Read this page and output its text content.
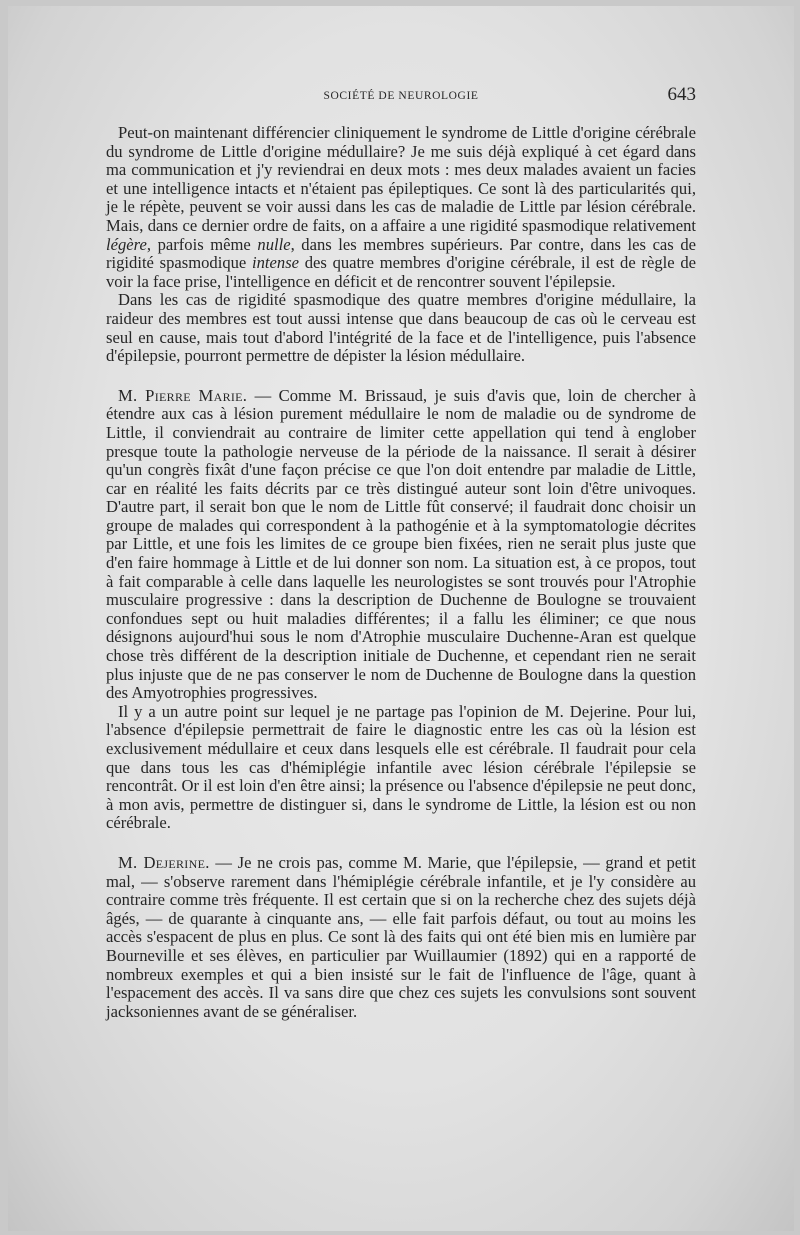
SOCIÉTÉ DE NEUROLOGIE	643

Peut-on maintenant différencier cliniquement le syndrome de Little d'origine cérébrale du syndrome de Little d'origine médullaire? Je me suis déjà expliqué à cet égard dans ma communication et j'y reviendrai en deux mots : mes deux malades avaient un facies et une intelligence intacts et n'étaient pas épileptiques. Ce sont là des particularités qui, je le répète, peuvent se voir aussi dans les cas de maladie de Little par lésion cérébrale. Mais, dans ce dernier ordre de faits, on a affaire a une rigidité spasmodique relativement légère, parfois même nulle, dans les membres supérieurs. Par contre, dans les cas de rigidité spasmodique intense des quatre membres d'origine cérébrale, il est de règle de voir la face prise, l'intelligence en déficit et de rencontrer souvent l'épilepsie.

Dans les cas de rigidité spasmodique des quatre membres d'origine médullaire, la raideur des membres est tout aussi intense que dans beaucoup de cas où le cerveau est seul en cause, mais tout d'abord l'intégrité de la face et de l'intelligence, puis l'absence d'épilepsie, pourront permettre de dépister la lésion médullaire.

M. Pierre Marie. — Comme M. Brissaud, je suis d'avis que, loin de chercher à étendre aux cas à lésion purement médullaire le nom de maladie ou de syndrome de Little, il conviendrait au contraire de limiter cette appellation qui tend à englober presque toute la pathologie nerveuse de la période de la naissance. Il serait à désirer qu'un congrès fixât d'une façon précise ce que l'on doit entendre par maladie de Little, car en réalité les faits décrits par ce très distingué auteur sont loin d'être univoques. D'autre part, il serait bon que le nom de Little fût conservé; il faudrait donc choisir un groupe de malades qui correspondent à la pathogénie et à la symptomatologie décrites par Little, et une fois les limites de ce groupe bien fixées, rien ne serait plus juste que d'en faire hommage à Little et de lui donner son nom. La situation est, à ce propos, tout à fait comparable à celle dans laquelle les neurologistes se sont trouvés pour l'Atrophie musculaire progressive : dans la description de Duchenne de Boulogne se trouvaient confondues sept ou huit maladies différentes; il a fallu les éliminer; ce que nous désignons aujourd'hui sous le nom d'Atrophie musculaire Duchenne-Aran est quelque chose très différent de la description initiale de Duchenne, et cependant rien ne serait plus injuste que de ne pas conserver le nom de Duchenne de Boulogne dans la question des Amyotrophies progressives.

Il y a un autre point sur lequel je ne partage pas l'opinion de M. Dejerine. Pour lui, l'absence d'épilepsie permettrait de faire le diagnostic entre les cas où la lésion est exclusivement médullaire et ceux dans lesquels elle est cérébrale. Il faudrait pour cela que dans tous les cas d'hémiplégie infantile avec lésion cérébrale l'épilepsie se rencontrât. Or il est loin d'en être ainsi; la présence ou l'absence d'épilepsie ne peut donc, à mon avis, permettre de distinguer si, dans le syndrome de Little, la lésion est ou non cérébrale.

M. Dejerine. — Je ne crois pas, comme M. Marie, que l'épilepsie, — grand et petit mal, — s'observe rarement dans l'hémiplégie cérébrale infantile, et je l'y considère au contraire comme très fréquente. Il est certain que si on la recherche chez des sujets déjà âgés, — de quarante à cinquante ans, — elle fait parfois défaut, ou tout au moins les accès s'espacent de plus en plus. Ce sont là des faits qui ont été bien mis en lumière par Bourneville et ses élèves, en particulier par Wuillaumier (1892) qui en a rapporté de nombreux exemples et qui a bien insisté sur le fait de l'influence de l'âge, quant à l'espacement des accès. Il va sans dire que chez ces sujets les convulsions sont souvent jacksoniennes avant de se généraliser.
